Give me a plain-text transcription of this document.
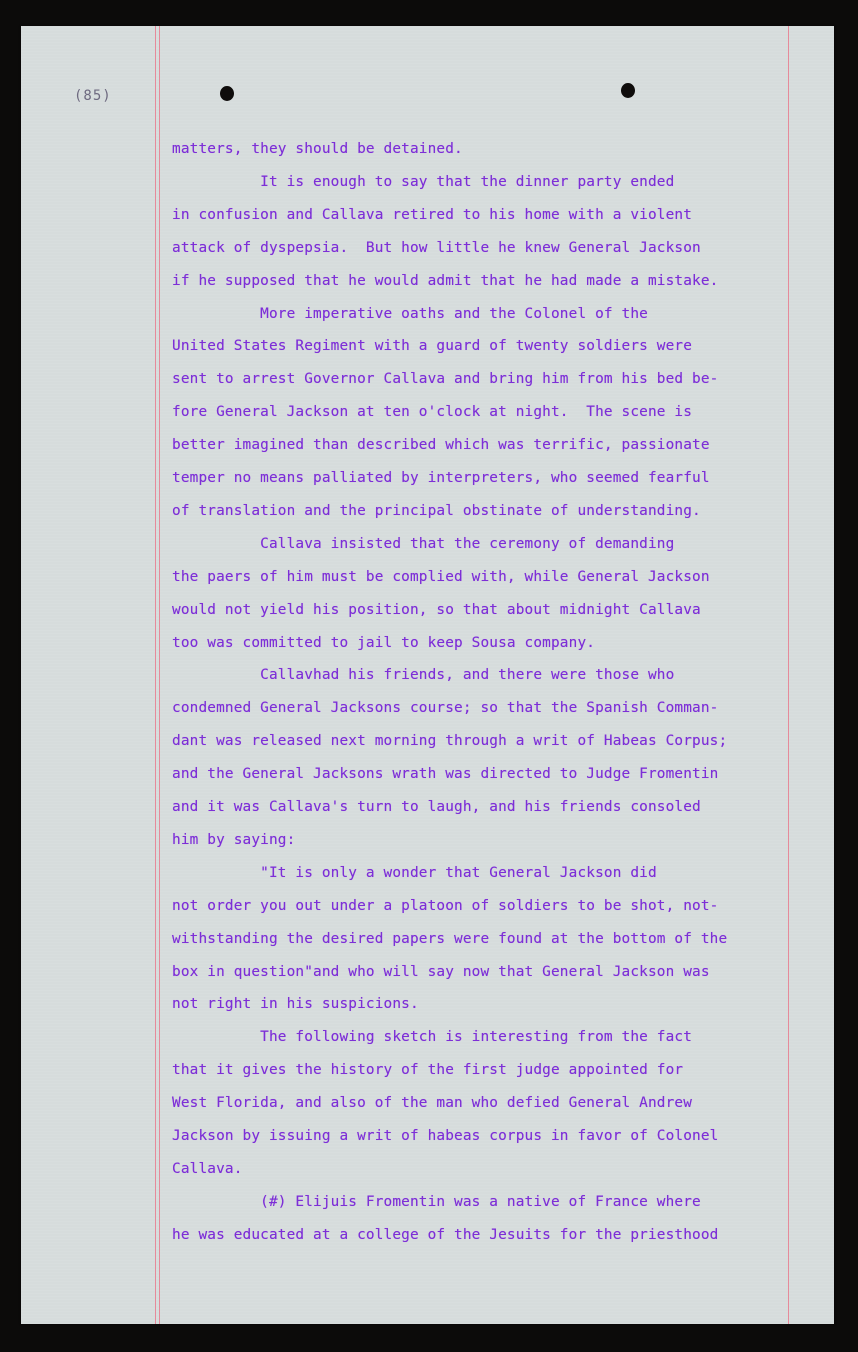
(85)
matters, they should be detained.
It is enough to say that the dinner party ended
in confusion and Callava retired to his home with a violent
attack of dyspepsia.  But how little he knew General Jackson
if he supposed that he would admit that he had made a mistake.
More imperative oaths and the Colonel of the
United States Regiment with a guard of twenty soldiers were
sent to arrest Governor Callava and bring him from his bed be-
fore General Jackson at ten o'clock at night.  The scene is
better imagined than described which was terrific, passionate
temper no means palliated by interpreters, who seemed fearful
of translation and the principal obstinate of understanding.
Callava insisted that the ceremony of demanding
the paers of him must be complied with, while General Jackson
would not yield his position, so that about midnight Callava
too was committed to jail to keep Sousa company.
Callavhad his friends, and there were those who
condemned General Jacksons course; so that the Spanish Comman-
dant was released next morning through a writ of Habeas Corpus;
and the General Jacksons wrath was directed to Judge Fromentin
and it was Callava's turn to laugh, and his friends consoled
him by saying:
"It is only a wonder that General Jackson did
not order you out under a platoon of soldiers to be shot, not-
withstanding the desired papers were found at the bottom of the
box in question"and who will say now that General Jackson was
not right in his suspicions.
The following sketch is interesting from the fact
that it gives the history of the first judge appointed for
West Florida, and also of the man who defied General Andrew
Jackson by issuing a writ of habeas corpus in favor of Colonel
Callava.
(#) Elijuis Fromentin was a native of France where
he was educated at a college of the Jesuits for the priesthood
